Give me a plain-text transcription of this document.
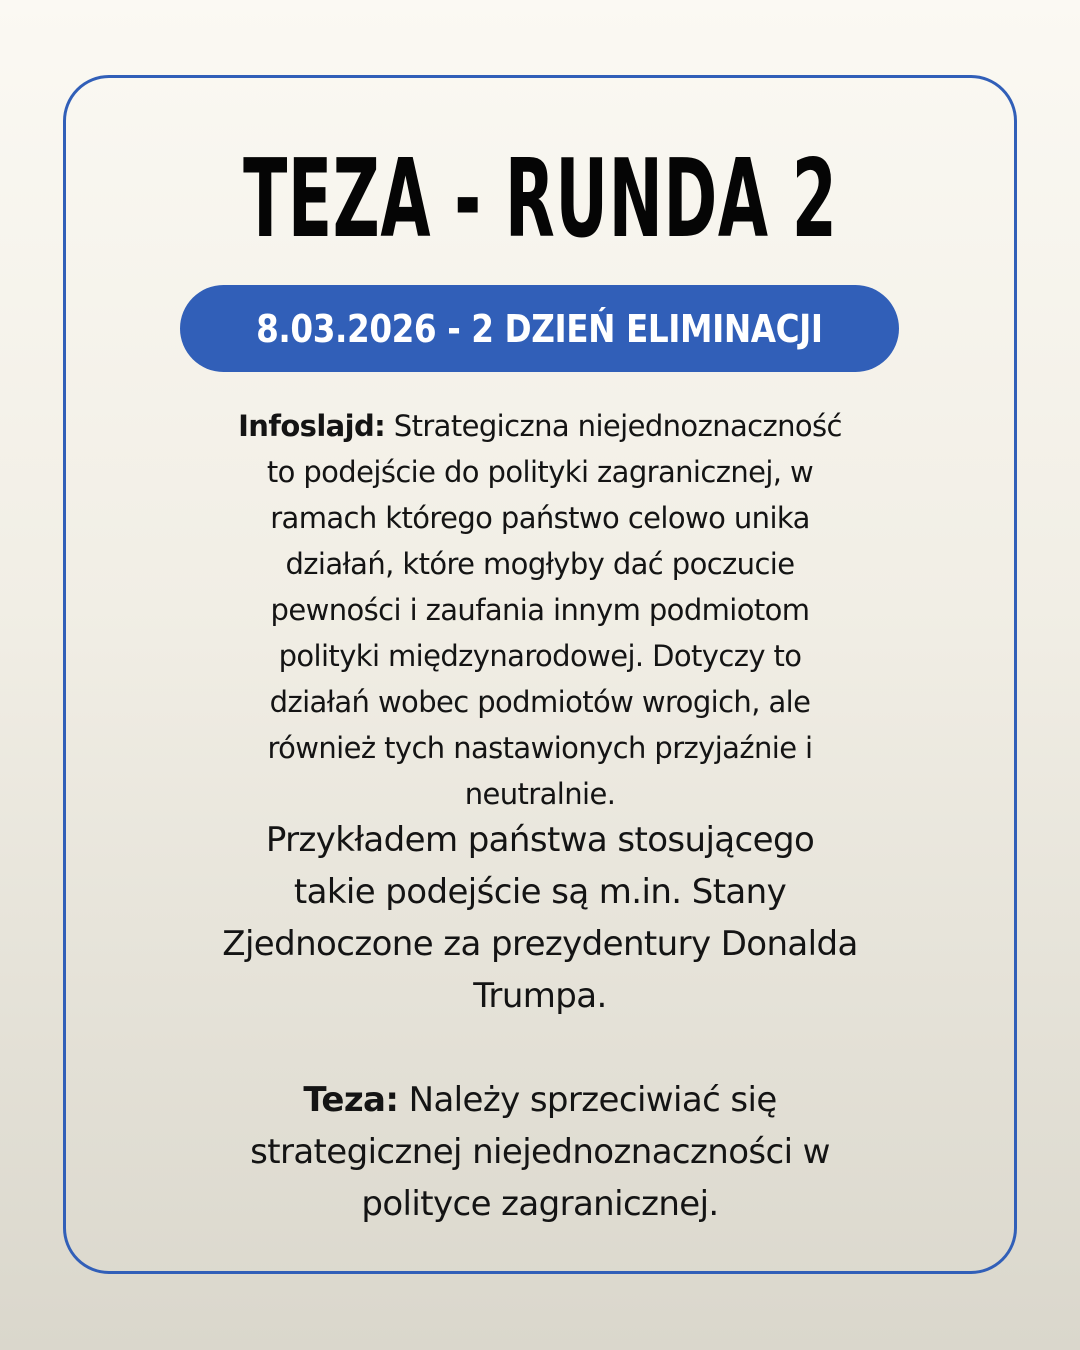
TEZA - RUNDA 2
8.03.2026 - 2 DZIEŃ ELIMINACJI
Infoslajd: Strategiczna niejednoznaczność
to podejście do polityki zagranicznej, w
ramach którego państwo celowo unika
działań, które mogłyby dać poczucie
pewności i zaufania innym podmiotom
polityki międzynarodowej. Dotyczy to
działań wobec podmiotów wrogich, ale
również tych nastawionych przyjaźnie i
neutralnie.
Przykładem państwa stosującego
takie podejście są m.in. Stany
Zjednoczone za prezydentury Donalda
Trumpa.
Teza: Należy sprzeciwiać się
strategicznej niejednoznaczności w
polityce zagranicznej.
